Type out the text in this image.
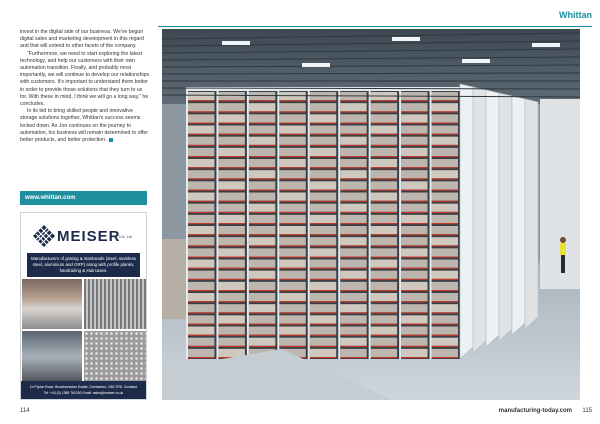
Whittan

invest in the digital side of our business. We've begun digital sales and marketing development in this regard and that will extend to other facets of the company.

“Furthermore, we need to start exploring the latest technology, and help our customers with their own automation transition. Finally, and probably most importantly, we will continue to develop our relationships with customers. It's important to understand them better in order to provide those solutions that they turn to us for. With these in mind, I think we will go a long way,” he concludes.

In its bid to bring skilled people and innovative storage solutions together, Whittan's success seems locked down. As Jon continues on the journey to automation, his business will remain determined to offer better products, and better protection.

www.whittan.com
MEISER
U.K. Ltd
Manufacturers of grating & stairtreads (steel, stainless steel, aluminium and GRP) along with profile planks, handrailing & staircases.
1b Poplar Road, Broadmeadow Estate, Dumbarton, G82 2RD, Scotland
Tel: +44 (0) 1389 761000 Email: sales@meiser.co.uk
114	manufacturing-today.com 115
